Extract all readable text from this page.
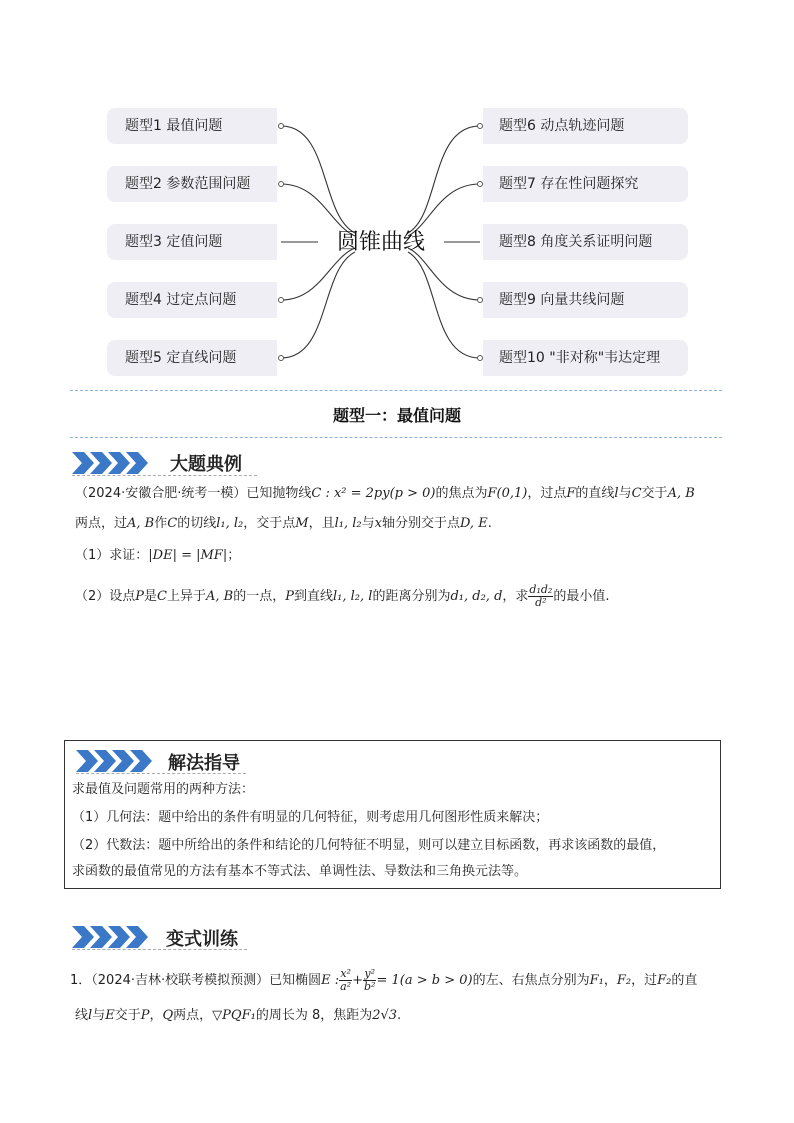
题型1 最值问题
题型2 参数范围问题
题型3 定值问题
题型4 过定点问题
题型5 定直线问题
题型6 动点轨迹问题
题型7 存在性问题探究
题型8 角度关系证明问题
题型9 向量共线问题
题型10 "非对称"韦达定理
圆锥曲线
题型一：最值问题
大题典例
（2024·安徽合肥·统考一模）已知抛物线C : x² = 2py(p > 0)的焦点为F(0,1)，过点F的直线l与C交于A, B
两点，过A, B作C的切线l₁, l₂，交于点M，且l₁, l₂与x轴分别交于点D, E.
（1）求证：|DE| = |MF|；
（2）设点P是C上异于A, B的一点，P到直线l₁, l₂, l的距离分别为d₁, d₂, d，求 $\frac{\text{d₁d₂}}{\text{d²}}$ 的最小值.
解法指导
求最值及问题常用的两种方法：
（1）几何法：题中给出的条件有明显的几何特征，则考虑用几何图形性质来解决；
（2）代数法：题中所给出的条件和结论的几何特征不明显，则可以建立目标函数，再求该函数的最值，
求函数的最值常见的方法有基本不等式法、单调性法、导数法和三角换元法等。
变式训练
1．（2024·吉林·校联考模拟预测）已知椭圆E : $\frac{\text{x²}}{\text{a²}} + \frac{\text{y²}}{\text{b²}} = 1(a > b > 0)$的左、右焦点分别为F₁，F₂，过F₂的直
线l与E交于P，Q两点，▽PQF₁的周长为 8，焦距为2√3.
